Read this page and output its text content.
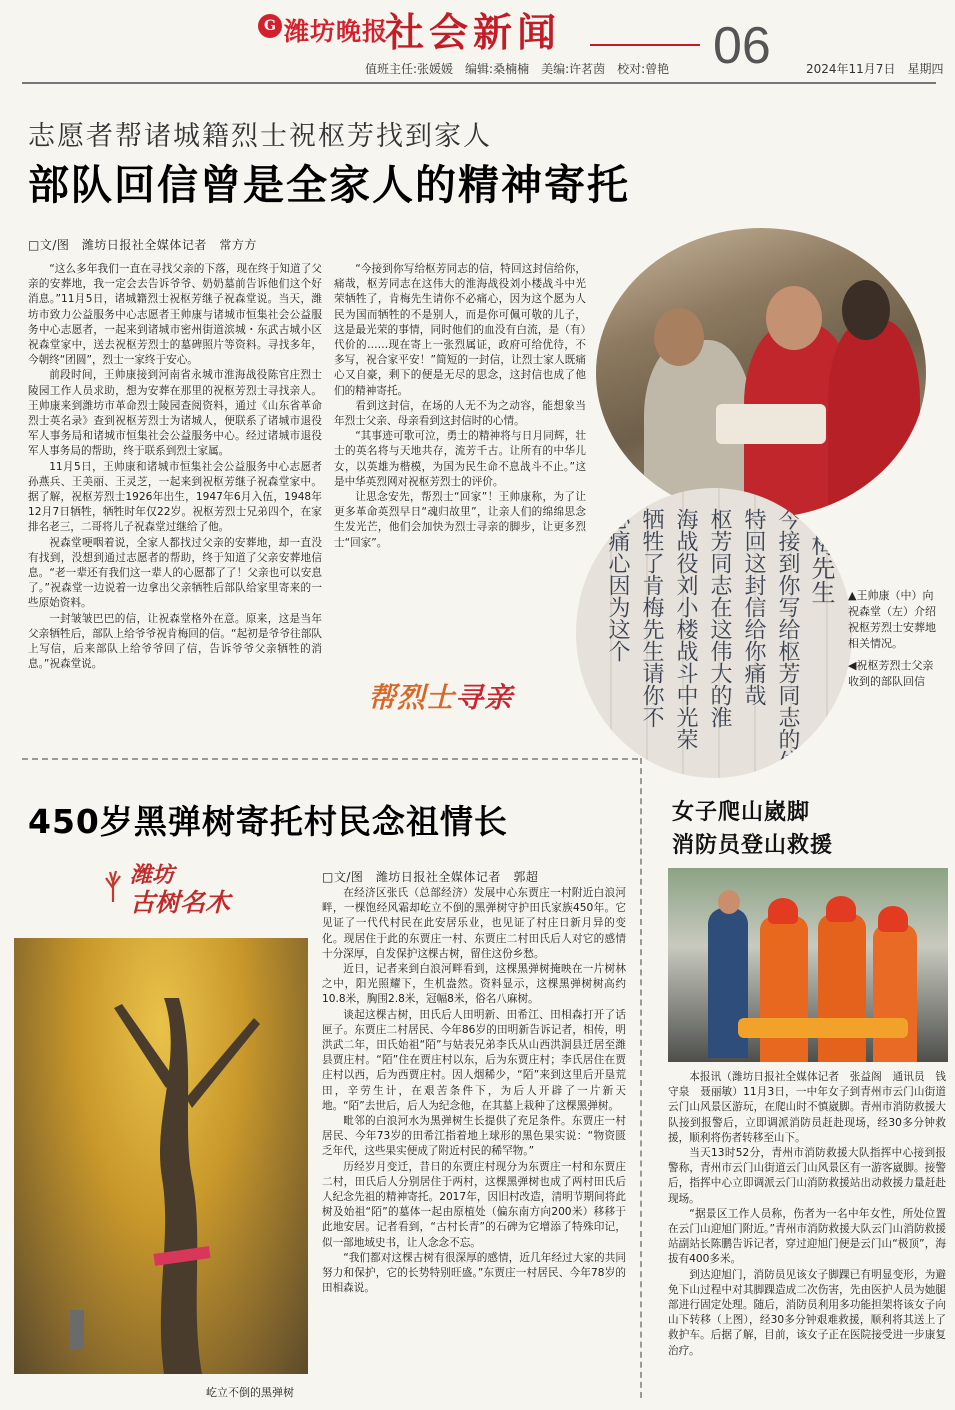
G 潍坊晚报
社会新闻	06
值班主任:张媛媛　编辑:桑楠楠　美编:许茗茵　校对:曾艳	2024年11月7日　星期四
志愿者帮诸城籍烈士祝枢芳找到家人
部队回信曾是全家人的精神寄托
□文/图　潍坊日报社全媒体记者　常方方

“这么多年我们一直在寻找父亲的下落，现在终于知道了父亲的安葬地，我一定会去告诉爷爷、奶奶墓前告诉他们这个好消息。”11月5日，诸城籍烈士祝枢芳继子祝森堂说。当天，潍坊市致力公益服务中心志愿者王帅康与诸城市恒集社会公益服务中心志愿者，一起来到诸城市密州街道滨城・东武古城小区祝森堂家中，送去祝枢芳烈士的墓碑照片等资料。寻找多年，今朝终“团圆”，烈士一家终于安心。

前段时间，王帅康接到河南省永城市淮海战役陈官庄烈士陵园工作人员求助，想为安葬在那里的祝枢芳烈士寻找亲人。王帅康来到潍坊市革命烈士陵园查阅资料，通过《山东省革命烈士英名录》查到祝枢芳烈士为诸城人，便联系了诸城市退役军人事务局和诸城市恒集社会公益服务中心。经过诸城市退役军人事务局的帮助，终于联系到烈士家属。

11月5日，王帅康和诸城市恒集社会公益服务中心志愿者孙燕兵、王美丽、王灵芝，一起来到祝枢芳继子祝森堂家中。据了解，祝枢芳烈士1926年出生，1947年6月入伍，1948年12月7日牺牲，牺牲时年仅22岁。祝枢芳烈士兄弟四个，在家排名老三，二哥将儿子祝森堂过继给了他。

祝森堂哽咽着说，全家人都找过父亲的安葬地，却一直没有找到，没想到通过志愿者的帮助，终于知道了父亲安葬地信息。“老一辈还有我们这一辈人的心愿都了了！父亲也可以安息了。”祝森堂一边说着一边拿出父亲牺牲后部队给家里寄来的一些原始资料。

一封皱皱巴巴的信，让祝森堂格外在意。原来，这是当年父亲牺牲后，部队上给爷爷祝肯梅回的信。“起初是爷爷往部队上写信，后来部队上给爷爷回了信，告诉爷爷父亲牺牲的消息。”祝森堂说。

“今接到你写给枢芳同志的信，特回这封信给你，痛哉，枢芳同志在这伟大的淮海战役刘小楼战斗中光荣牺牲了，肯梅先生请你不必痛心，因为这个愿为人民为国而牺牲的不是别人，而是你可佩可敬的儿子，这是最光荣的事情，同时他们的血没有白流，是（有）代价的……现在寄上一张烈属证，政府可给优待，不多写，祝合家平安！”简短的一封信，让烈士家人既痛心又自豪，剩下的便是无尽的思念，这封信也成了他们的精神寄托。

看到这封信，在场的人无不为之动容，能想象当年烈士父亲、母亲看到这封信时的心情。

“其事迹可歌可泣，勇士的精神将与日月同辉，壮士的英名将与天地共存，流芳千古。让所有的中华儿女，以英雄为楷模，为国为民生命不息战斗不止。”这是中华英烈网对祝枢芳烈士的评价。

让思念安先，帮烈士“回家”！王帅康称，为了让更多革命英烈早日“魂归故里”，让亲人们的绵绵思念生发光芒，他们会加快为烈士寻亲的脚步，让更多烈士“回家”。	肯梅先生
今接到你写给枢芳同志的信
特回这封信给你痛哉
枢芳同志在这伟大的淮
海战役刘小楼战斗中光荣
牺牲了肯梅先生请你不
必痛心因为这个	▲王帅康（中）向祝森堂（左）介绍祝枢芳烈士安葬地相关情况。
◀祝枢芳烈士父亲收到的部队回信
帮烈士寻亲
450岁黑弹树寄托村民念祖情长
潍坊
古树名木
屹立不倒的黑弹树
□文/图　潍坊日报社全媒体记者　郭超

在经济区张氏（总部经济）发展中心东贾庄一村附近白浪河畔，一棵饱经风霜却屹立不倒的黑弹树守护田氏家族450年。它见证了一代代村民在此安居乐业，也见证了村庄日新月异的变化。现居住于此的东贾庄一村、东贾庄二村田氏后人对它的感情十分深厚，自发保护这棵古树，留住这份乡愁。

近日，记者来到白浪河畔看到，这棵黑弹树掩映在一片树林之中，阳光照耀下，生机盎然。资料显示，这棵黑弹树树高约10.8米，胸围2.8米，冠幅8米，俗名八麻树。

谈起这棵古树，田氏后人田明新、田希江、田相森打开了话匣子。东贾庄二村居民、今年86岁的田明新告诉记者，相传，明洪武二年，田氏始祖“陌”与姑表兄弟李氏从山西洪洞县迁居至潍县贾庄村。“陌”住在贾庄村以东，后为东贾庄村；李氏居住在贾庄村以西，后为西贾庄村。因人烟稀少，“陌”来到这里后开垦荒田，辛劳生计，在艰苦条件下，为后人开辟了一片新天地。“陌”去世后，后人为纪念他，在其墓上栽种了这棵黑弹树。

毗邻的白浪河水为黑弹树生长提供了充足条件。东贾庄一村居民、今年73岁的田希江指着地上球形的黑色果实说：“物资匮乏年代，这些果实便成了附近村民的稀罕物。”

历经岁月变迁，昔日的东贾庄村现分为东贾庄一村和东贾庄二村，田氏后人分别居住于两村，这棵黑弹树也成了两村田氏后人纪念先祖的精神寄托。2017年，因旧村改造，清明节期间将此树及始祖“陌”的墓体一起由原植处（偏东南方向200米）移移于此地安居。记者看到，“古村长青”的石碑为它增添了特殊印记，似一部地域史书，让人念念不忘。

“我们都对这棵古树有很深厚的感情，近几年经过大家的共同努力和保护，它的长势特别旺盛。”东贾庄一村居民、今年78岁的田相森说。

女子爬山崴脚
消防员登山救援

本报讯（潍坊日报社全媒体记者　张益阁　通讯员　钱守泉　聂丽敏）11月3日，一中年女子到青州市云门山街道云门山风景区游玩，在爬山时不慎崴脚。青州市消防救援大队接到报警后，立即调派消防员赶赴现场，经30多分钟救援，顺利将伤者转移至山下。

当天13时52分，青州市消防救援大队指挥中心接到报警称，青州市云门山街道云门山风景区有一游客崴脚。接警后，指挥中心立即调派云门山消防救援站出动救援力量赶赴现场。

“据景区工作人员称，伤者为一名中年女性，所处位置在云门山迎旭门附近。”青州市消防救援大队云门山消防救援站副站长陈鹏告诉记者，穿过迎旭门便是云门山“极顶”，海拔有400多米。

到达迎旭门，消防员见该女子脚踝已有明显变形，为避免下山过程中对其脚踝造成二次伤害，先由医护人员为她腿部进行固定处理。随后，消防员利用多功能担架将该女子向山下转移（上图），经30多分钟艰难救援，顺利将其送上了救护车。后据了解，目前，该女子正在医院接受进一步康复治疗。
